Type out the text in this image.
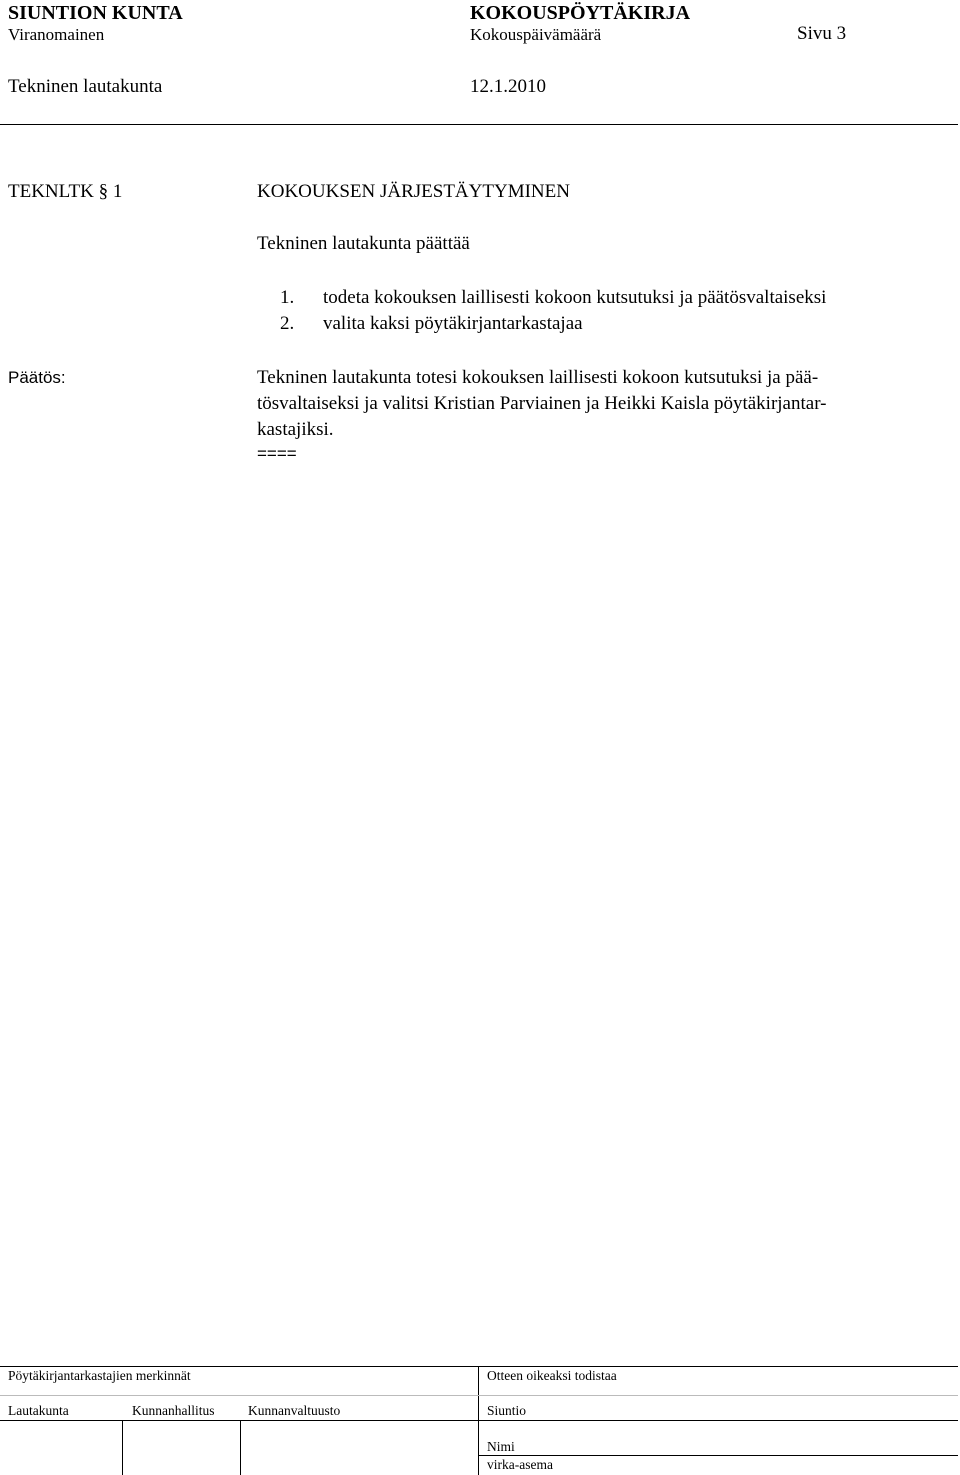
SIUNTION KUNTA
Viranomainen
Tekninen lautakunta
KOKOUSPÖYTÄKIRJA
Kokouspäivämäärä
12.1.2010
Sivu 3
TEKNLTK § 1	KOKOUKSEN JÄRJESTÄYTYMINEN
Tekninen lautakunta päättää
1. todeta kokouksen laillisesti kokoon kutsutuksi ja päätösvaltaiseksi
2. valita kaksi pöytäkirjantarkastajaa
Päätös:	Tekninen lautakunta totesi kokouksen laillisesti kokoon kutsutuksi ja pää-
tösvaltaiseksi ja valitsi Kristian Parviainen ja Heikki Kaisla pöytäkirjantar-
kastajiksi.
====
Pöytäkirjantarkastajien merkinnät	Otteen oikeaksi todistaa
Lautakunta	Kunnanhallitus Kunnanvaltuusto	Siuntio
Nimi
virka-asema
